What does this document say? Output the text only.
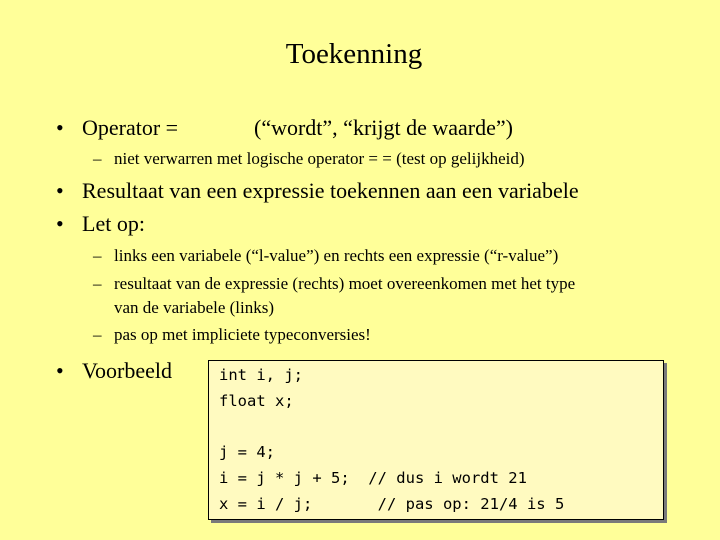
Toekenning
• Operator =	(“wordt”, “krijgt de waarde”)
– niet verwarren met logische operator = = (test op gelijkheid)
• Resultaat van een expressie toekennen aan een variabele
• Let op:
– links een variabele (“l-value”) en rechts een expressie (“r-value”)
– resultaat van de expressie (rechts) moet overeenkomen met het type
van de variabele (links)
– pas op met impliciete typeconversies!
• Voorbeeld	int i, j;
float x;
j = 4;
i = j * j + 5;  // dus i wordt 21
x = i / j;       // pas op: 21/4 is 5
